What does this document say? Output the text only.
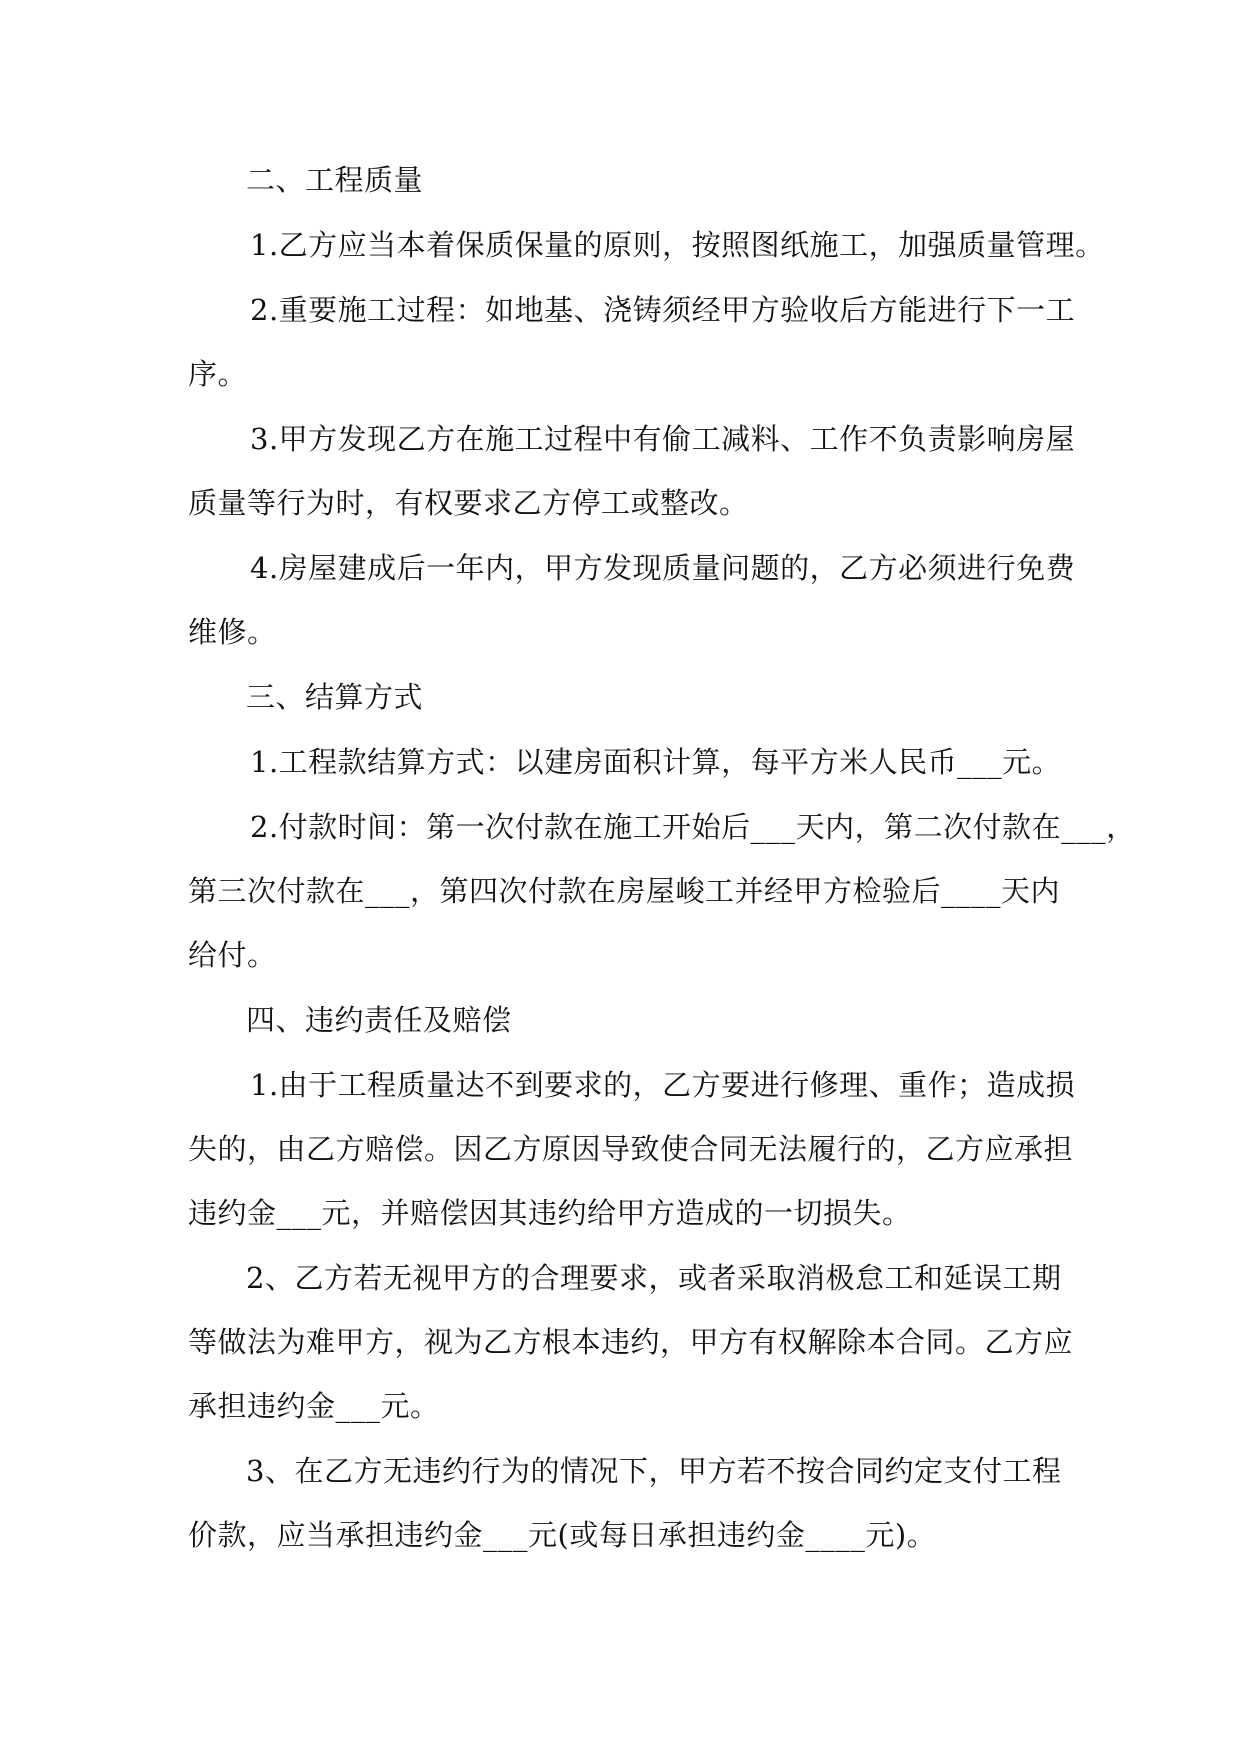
二、工程质量
1.乙方应当本着保质保量的原则，按照图纸施工，加强质量管理。
2.重要施工过程：如地基、浇铸须经甲方验收后方能进行下一工
序。
3.甲方发现乙方在施工过程中有偷工减料、工作不负责影响房屋
质量等行为时，有权要求乙方停工或整改。
4.房屋建成后一年内，甲方发现质量问题的，乙方必须进行免费
维修。
三、结算方式
1.工程款结算方式：以建房面积计算，每平方米人民币___元。
2.付款时间：第一次付款在施工开始后___天内，第二次付款在___，
第三次付款在___，第四次付款在房屋峻工并经甲方检验后____天内
给付。
四、违约责任及赔偿
1.由于工程质量达不到要求的，乙方要进行修理、重作；造成损
失的，由乙方赔偿。因乙方原因导致使合同无法履行的，乙方应承担
违约金___元，并赔偿因其违约给甲方造成的一切损失。
2、乙方若无视甲方的合理要求，或者采取消极怠工和延误工期
等做法为难甲方，视为乙方根本违约，甲方有权解除本合同。乙方应
承担违约金___元。
3、在乙方无违约行为的情况下，甲方若不按合同约定支付工程
价款，应当承担违约金___元(或每日承担违约金____元)。
